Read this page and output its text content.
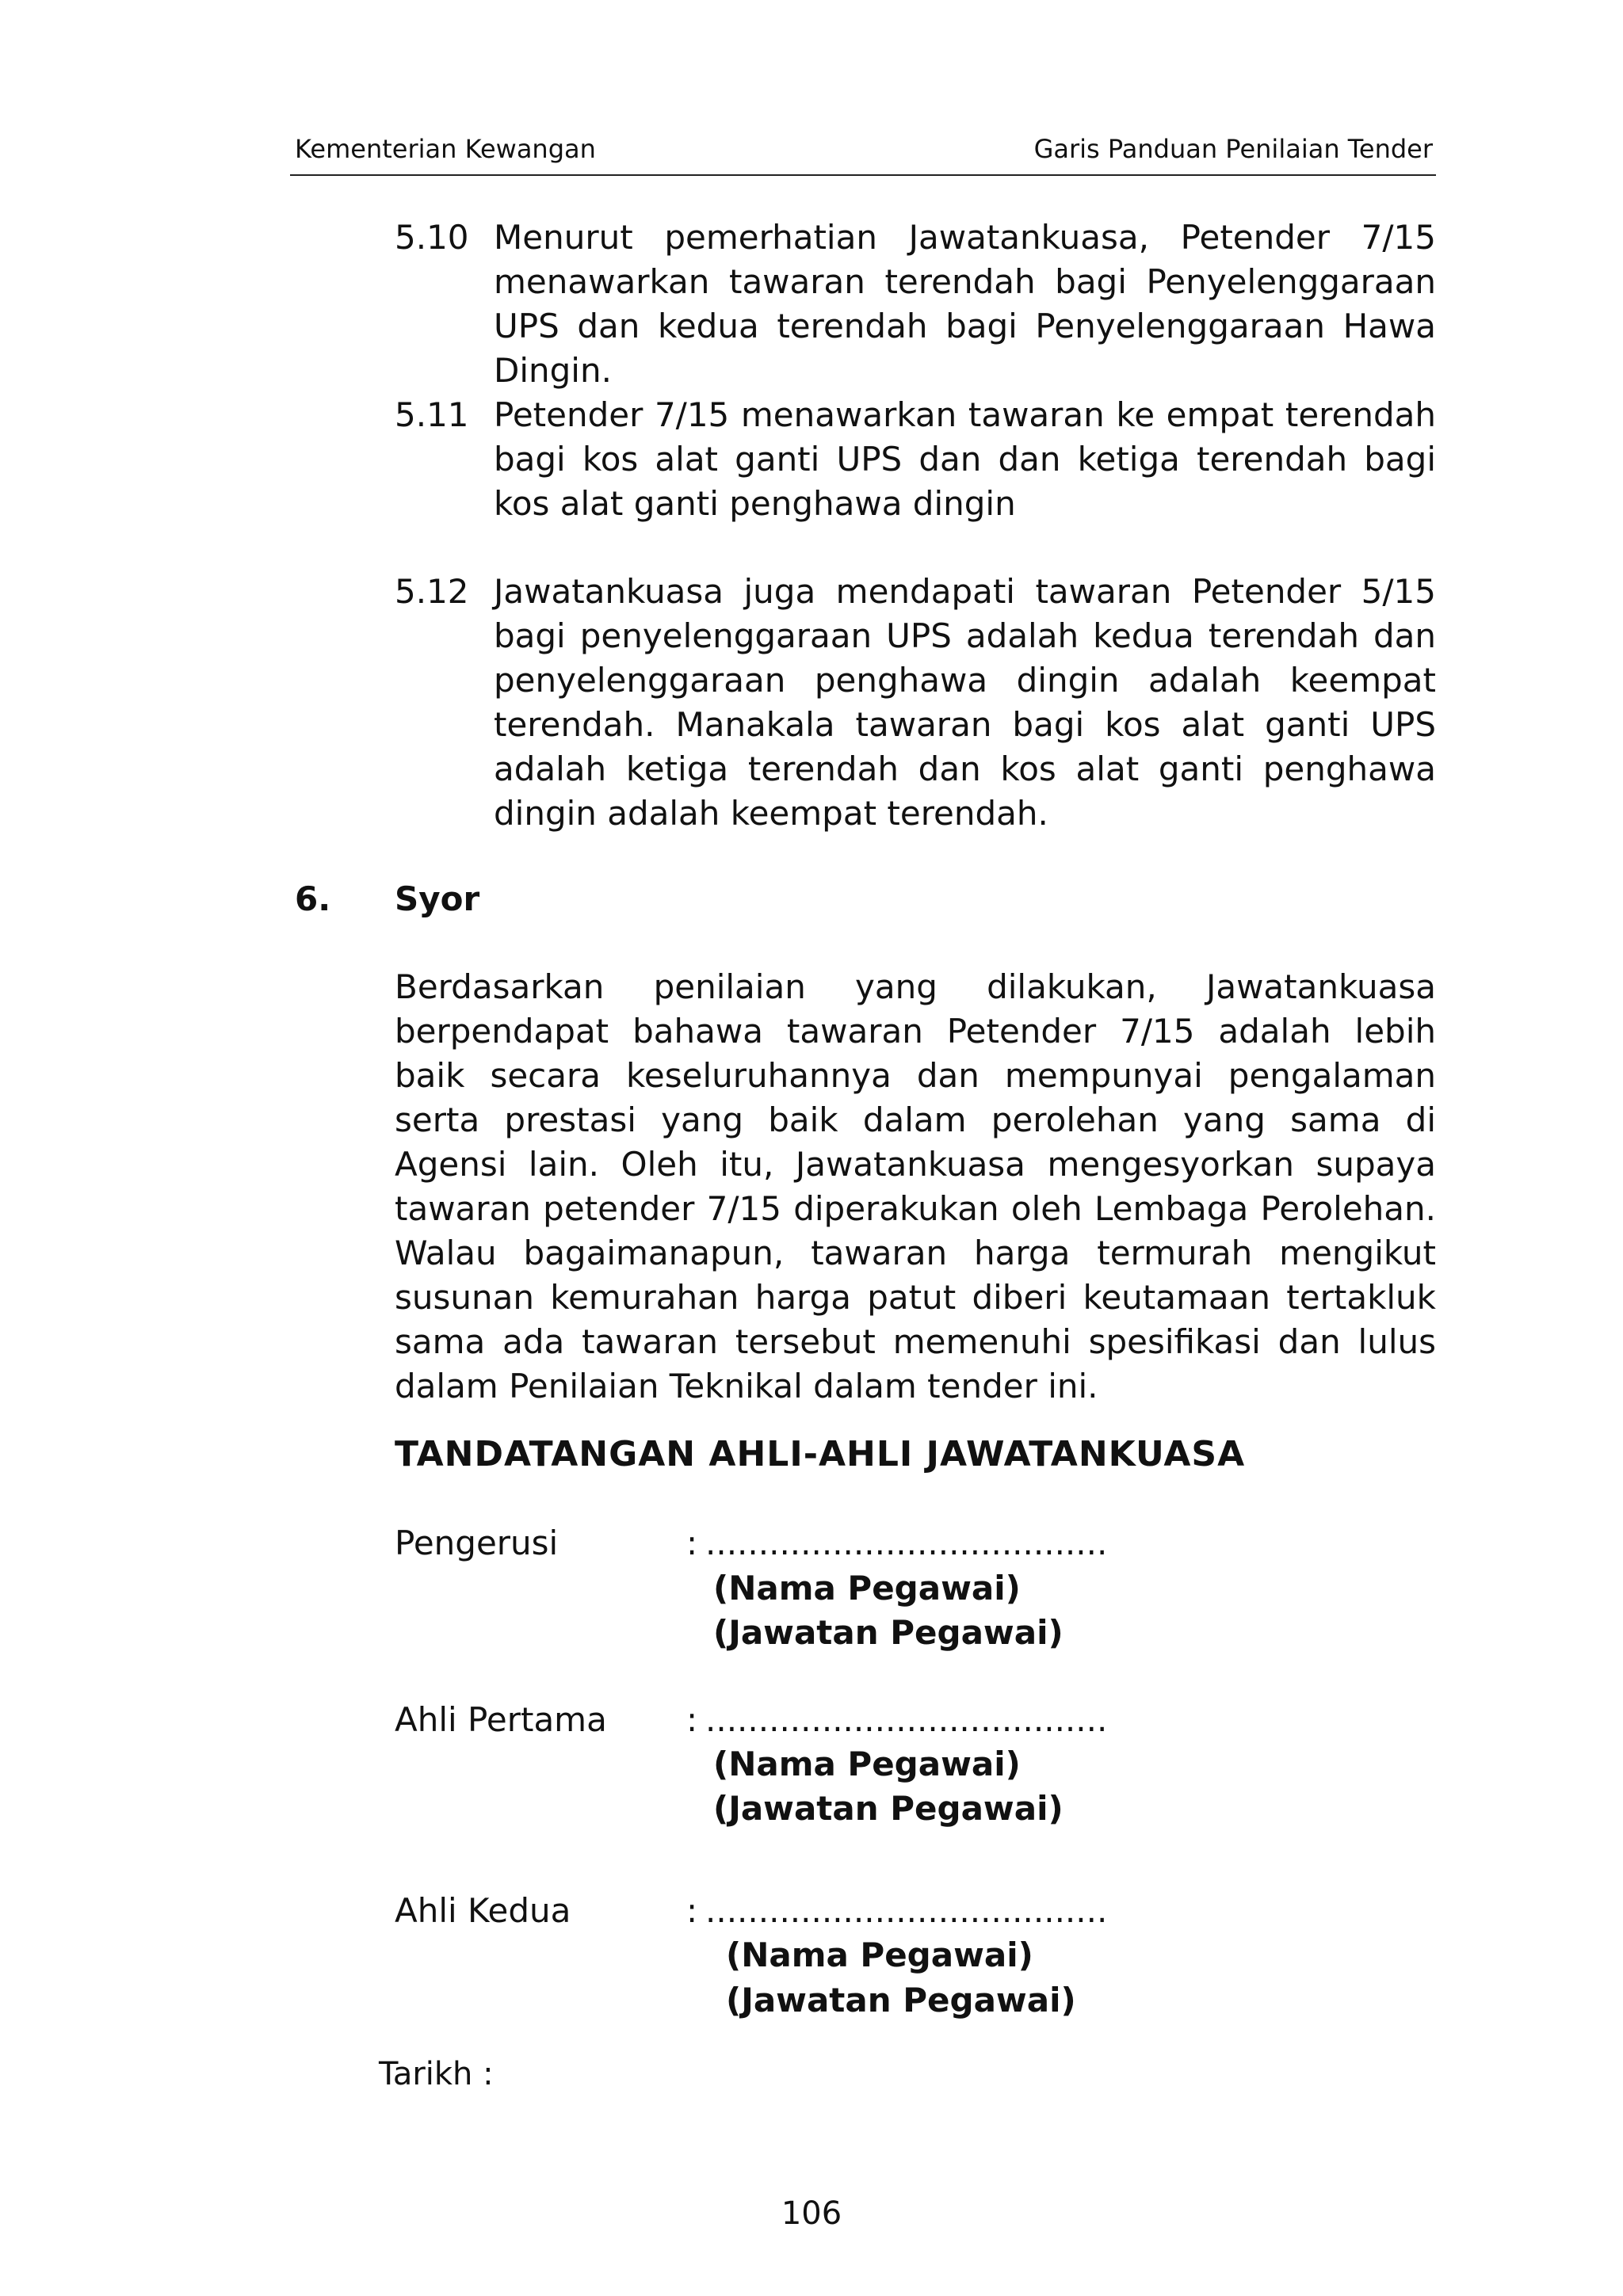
Kementerian Kewangan	Garis Panduan Penilaian Tender
5.10 Menurut pemerhatian Jawatankuasa, Petender 7/15 menawarkan tawaran terendah bagi Penyelenggaraan UPS dan kedua terendah bagi Penyelenggaraan Hawa Dingin.
5.11 Petender 7/15 menawarkan tawaran ke empat terendah bagi kos alat ganti UPS dan dan ketiga terendah bagi kos alat ganti penghawa dingin
5.12 Jawatankuasa juga mendapati tawaran Petender 5/15 bagi penyelenggaraan UPS adalah kedua terendah dan penyelenggaraan penghawa dingin adalah keempat terendah. Manakala tawaran bagi kos alat ganti UPS adalah ketiga terendah dan kos alat ganti penghawa dingin adalah keempat terendah.
6. Syor
Berdasarkan penilaian yang dilakukan, Jawatankuasa berpendapat bahawa tawaran Petender 7/15 adalah lebih baik secara keseluruhannya dan mempunyai pengalaman serta prestasi yang baik dalam perolehan yang sama di Agensi lain. Oleh itu, Jawatankuasa mengesyorkan supaya tawaran petender 7/15 diperakukan oleh Lembaga Perolehan. Walau bagaimanapun, tawaran harga termurah mengikut susunan kemurahan harga patut diberi keutamaan tertakluk sama ada tawaran tersebut memenuhi spesifikasi dan lulus dalam Penilaian Teknikal dalam tender ini.
TANDATANGAN AHLI-AHLI JAWATANKUASA
Pengerusi	: ......................................
(Nama Pegawai)
(Jawatan Pegawai)
Ahli Pertama : ......................................
(Nama Pegawai)
(Jawatan Pegawai)
Ahli Kedua	: ......................................
(Nama Pegawai)
(Jawatan Pegawai)
Tarikh :
106
